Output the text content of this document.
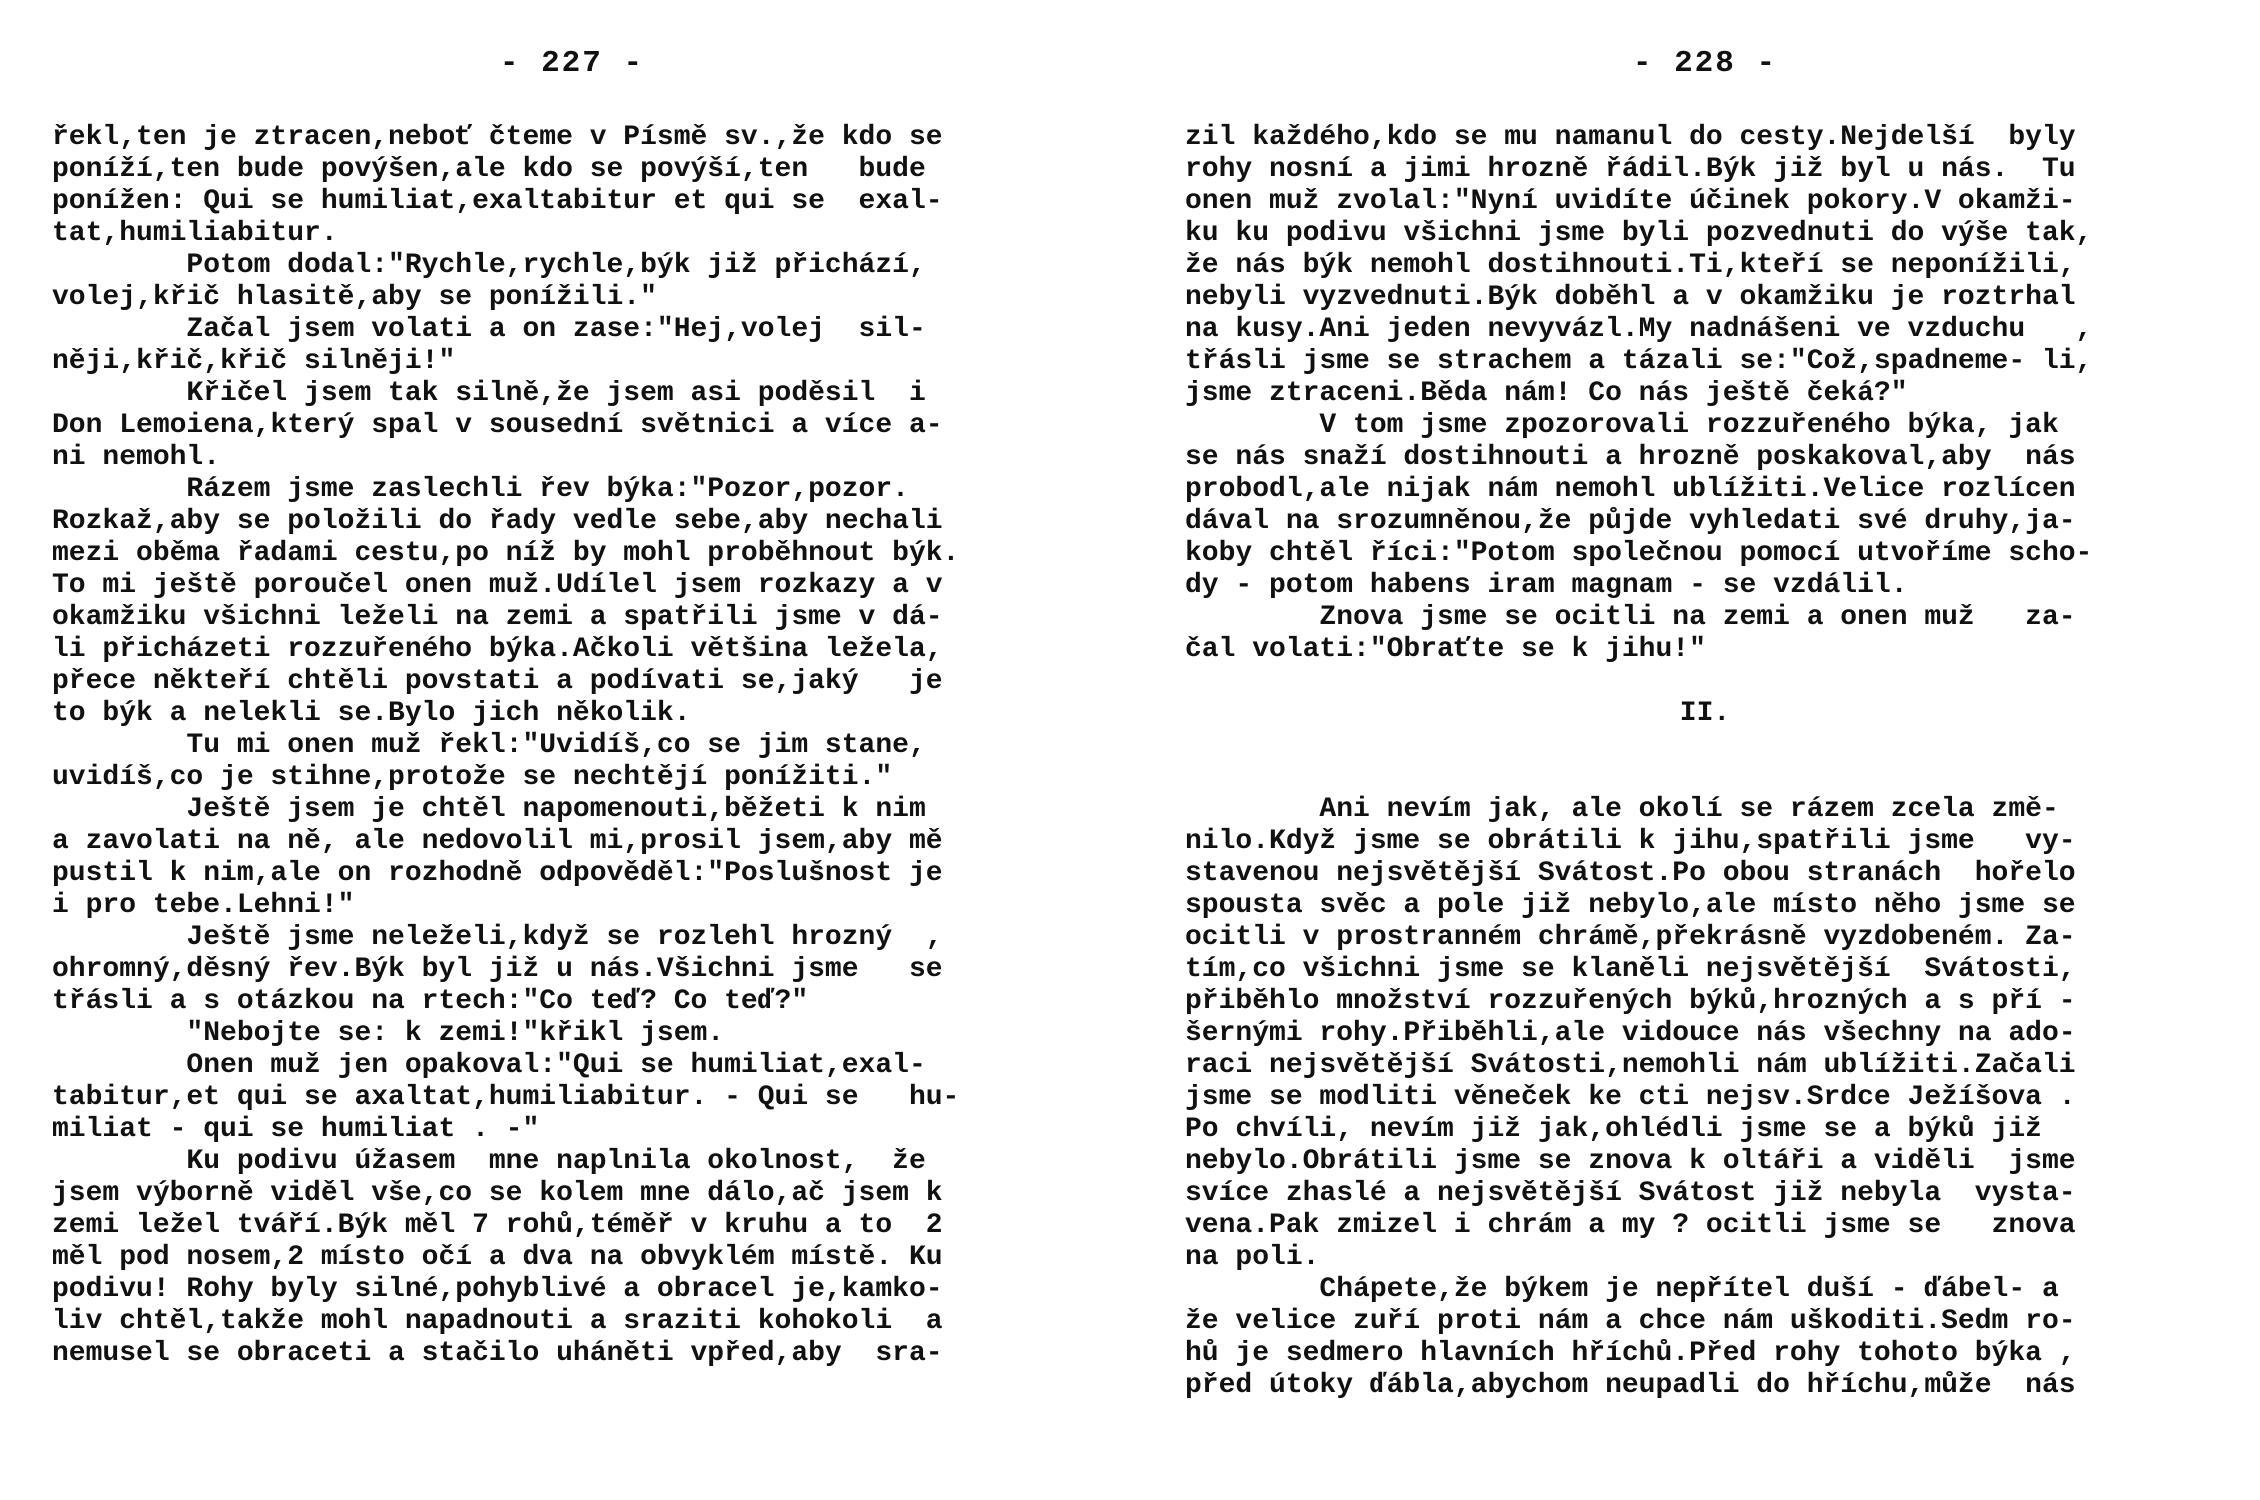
- 227 -
řekl,ten je ztracen,neboť čteme v Písmě sv.,že kdo se
poníží,ten bude povýšen,ale kdo se povýší,ten   bude
ponížen: Qui se humiliat,exaltabitur et qui se  exal-
tat,humiliabitur.
Potom dodal:"Rychle,rychle,býk již přichází,
volej,křič hlasitě,aby se ponížili."
Začal jsem volati a on zase:"Hej,volej  sil-
něji,křič,křič silněji!"
Křičel jsem tak silně,že jsem asi poděsil  i
Don Lemoiena,který spal v sousední světnici a více a-
ni nemohl.
Rázem jsme zaslechli řev býka:"Pozor,pozor.
Rozkaž,aby se položili do řady vedle sebe,aby nechali
mezi oběma řadami cestu,po níž by mohl proběhnout býk.
To mi ještě poroučel onen muž.Udílel jsem rozkazy a v
okamžiku všichni leželi na zemi a spatřili jsme v dá-
li přicházeti rozzuřeného býka.Ačkoli většina ležela,
přece někteří chtěli povstati a podívati se,jaký   je
to býk a nelekli se.Bylo jich několik.
Tu mi onen muž řekl:"Uvidíš,co se jim stane,
uvidíš,co je stihne,protože se nechtějí ponížiti."
Ještě jsem je chtěl napomenouti,běžeti k nim
a zavolati na ně, ale nedovolil mi,prosil jsem,aby mě
pustil k nim,ale on rozhodně odpověděl:"Poslušnost je
i pro tebe.Lehni!"
Ještě jsme neleželi,když se rozlehl hrozný  ,
ohromný,děsný řev.Býk byl již u nás.Všichni jsme   se
třásli a s otázkou na rtech:"Co teď? Co teď?"
"Nebojte se: k zemi!"křikl jsem.
Onen muž jen opakoval:"Qui se humiliat,exal-
tabitur,et qui se axaltat,humiliabitur. - Qui se   hu-
miliat - qui se humiliat . -"
Ku podivu úžasem  mne naplnila okolnost,  že
jsem výborně viděl vše,co se kolem mne dálo,ač jsem k
zemi ležel tváří.Býk měl 7 rohů,téměř v kruhu a to  2
měl pod nosem,2 místo očí a dva na obvyklém místě. Ku
podivu! Rohy byly silné,pohyblivé a obracel je,kamko-
liv chtěl,takže mohl napadnouti a sraziti kohokoli  a
nemusel se obraceti a stačilo uháněti vpřed,aby  sra-
- 228 -
zil každého,kdo se mu namanul do cesty.Nejdelší  byly
rohy nosní a jimi hrozně řádil.Býk již byl u nás.  Tu
onen muž zvolal:"Nyní uvidíte účinek pokory.V okamži-
ku ku podivu všichni jsme byli pozvednuti do výše tak,
že nás býk nemohl dostihnouti.Ti,kteří se neponížili,
nebyli vyzvednuti.Býk doběhl a v okamžiku je roztrhal
na kusy.Ani jeden nevyvázl.My nadnášeni ve vzduchu   ,
třásli jsme se strachem a tázali se:"Což,spadneme- li,
jsme ztraceni.Běda nám! Co nás ještě čeká?"
V tom jsme zpozorovali rozzuřeného býka, jak
se nás snaží dostihnouti a hrozně poskakoval,aby  nás
probodl,ale nijak nám nemohl ublížiti.Velice rozlícen
dával na srozumněnou,že půjde vyhledati své druhy,ja-
koby chtěl říci:"Potom společnou pomocí utvoříme scho-
dy - potom habens iram magnam - se vzdálil.
Znova jsme se ocitli na zemi a onen muž   za-
čal volati:"Obraťte se k jihu!"
II.
Ani nevím jak, ale okolí se rázem zcela změ-
nilo.Když jsme se obrátili k jihu,spatřili jsme   vy-
stavenou nejsvětější Svátost.Po obou stranách  hořelo
spousta svěc a pole již nebylo,ale místo něho jsme se
ocitli v prostranném chrámě,překrásně vyzdobeném. Za-
tím,co všichni jsme se klaněli nejsvětější  Svátosti,
přiběhlo množství rozzuřených býků,hrozných a s pří -
šernými rohy.Přiběhli,ale vidouce nás všechny na ado-
raci nejsvětější Svátosti,nemohli nám ublížiti.Začali
jsme se modliti věneček ke cti nejsv.Srdce Ježíšova .
Po chvíli, nevím již jak,ohlédli jsme se a býků již
nebylo.Obrátili jsme se znova k oltáři a viděli  jsme
svíce zhaslé a nejsvětější Svátost již nebyla  vysta-
vena.Pak zmizel i chrám a my ? ocitli jsme se   znova
na poli.
Chápete,že býkem je nepřítel duší - ďábel- a
že velice zuří proti nám a chce nám uškoditi.Sedm ro-
hů je sedmero hlavních hříchů.Před rohy tohoto býka ,
před útoky ďábla,abychom neupadli do hříchu,může  nás
